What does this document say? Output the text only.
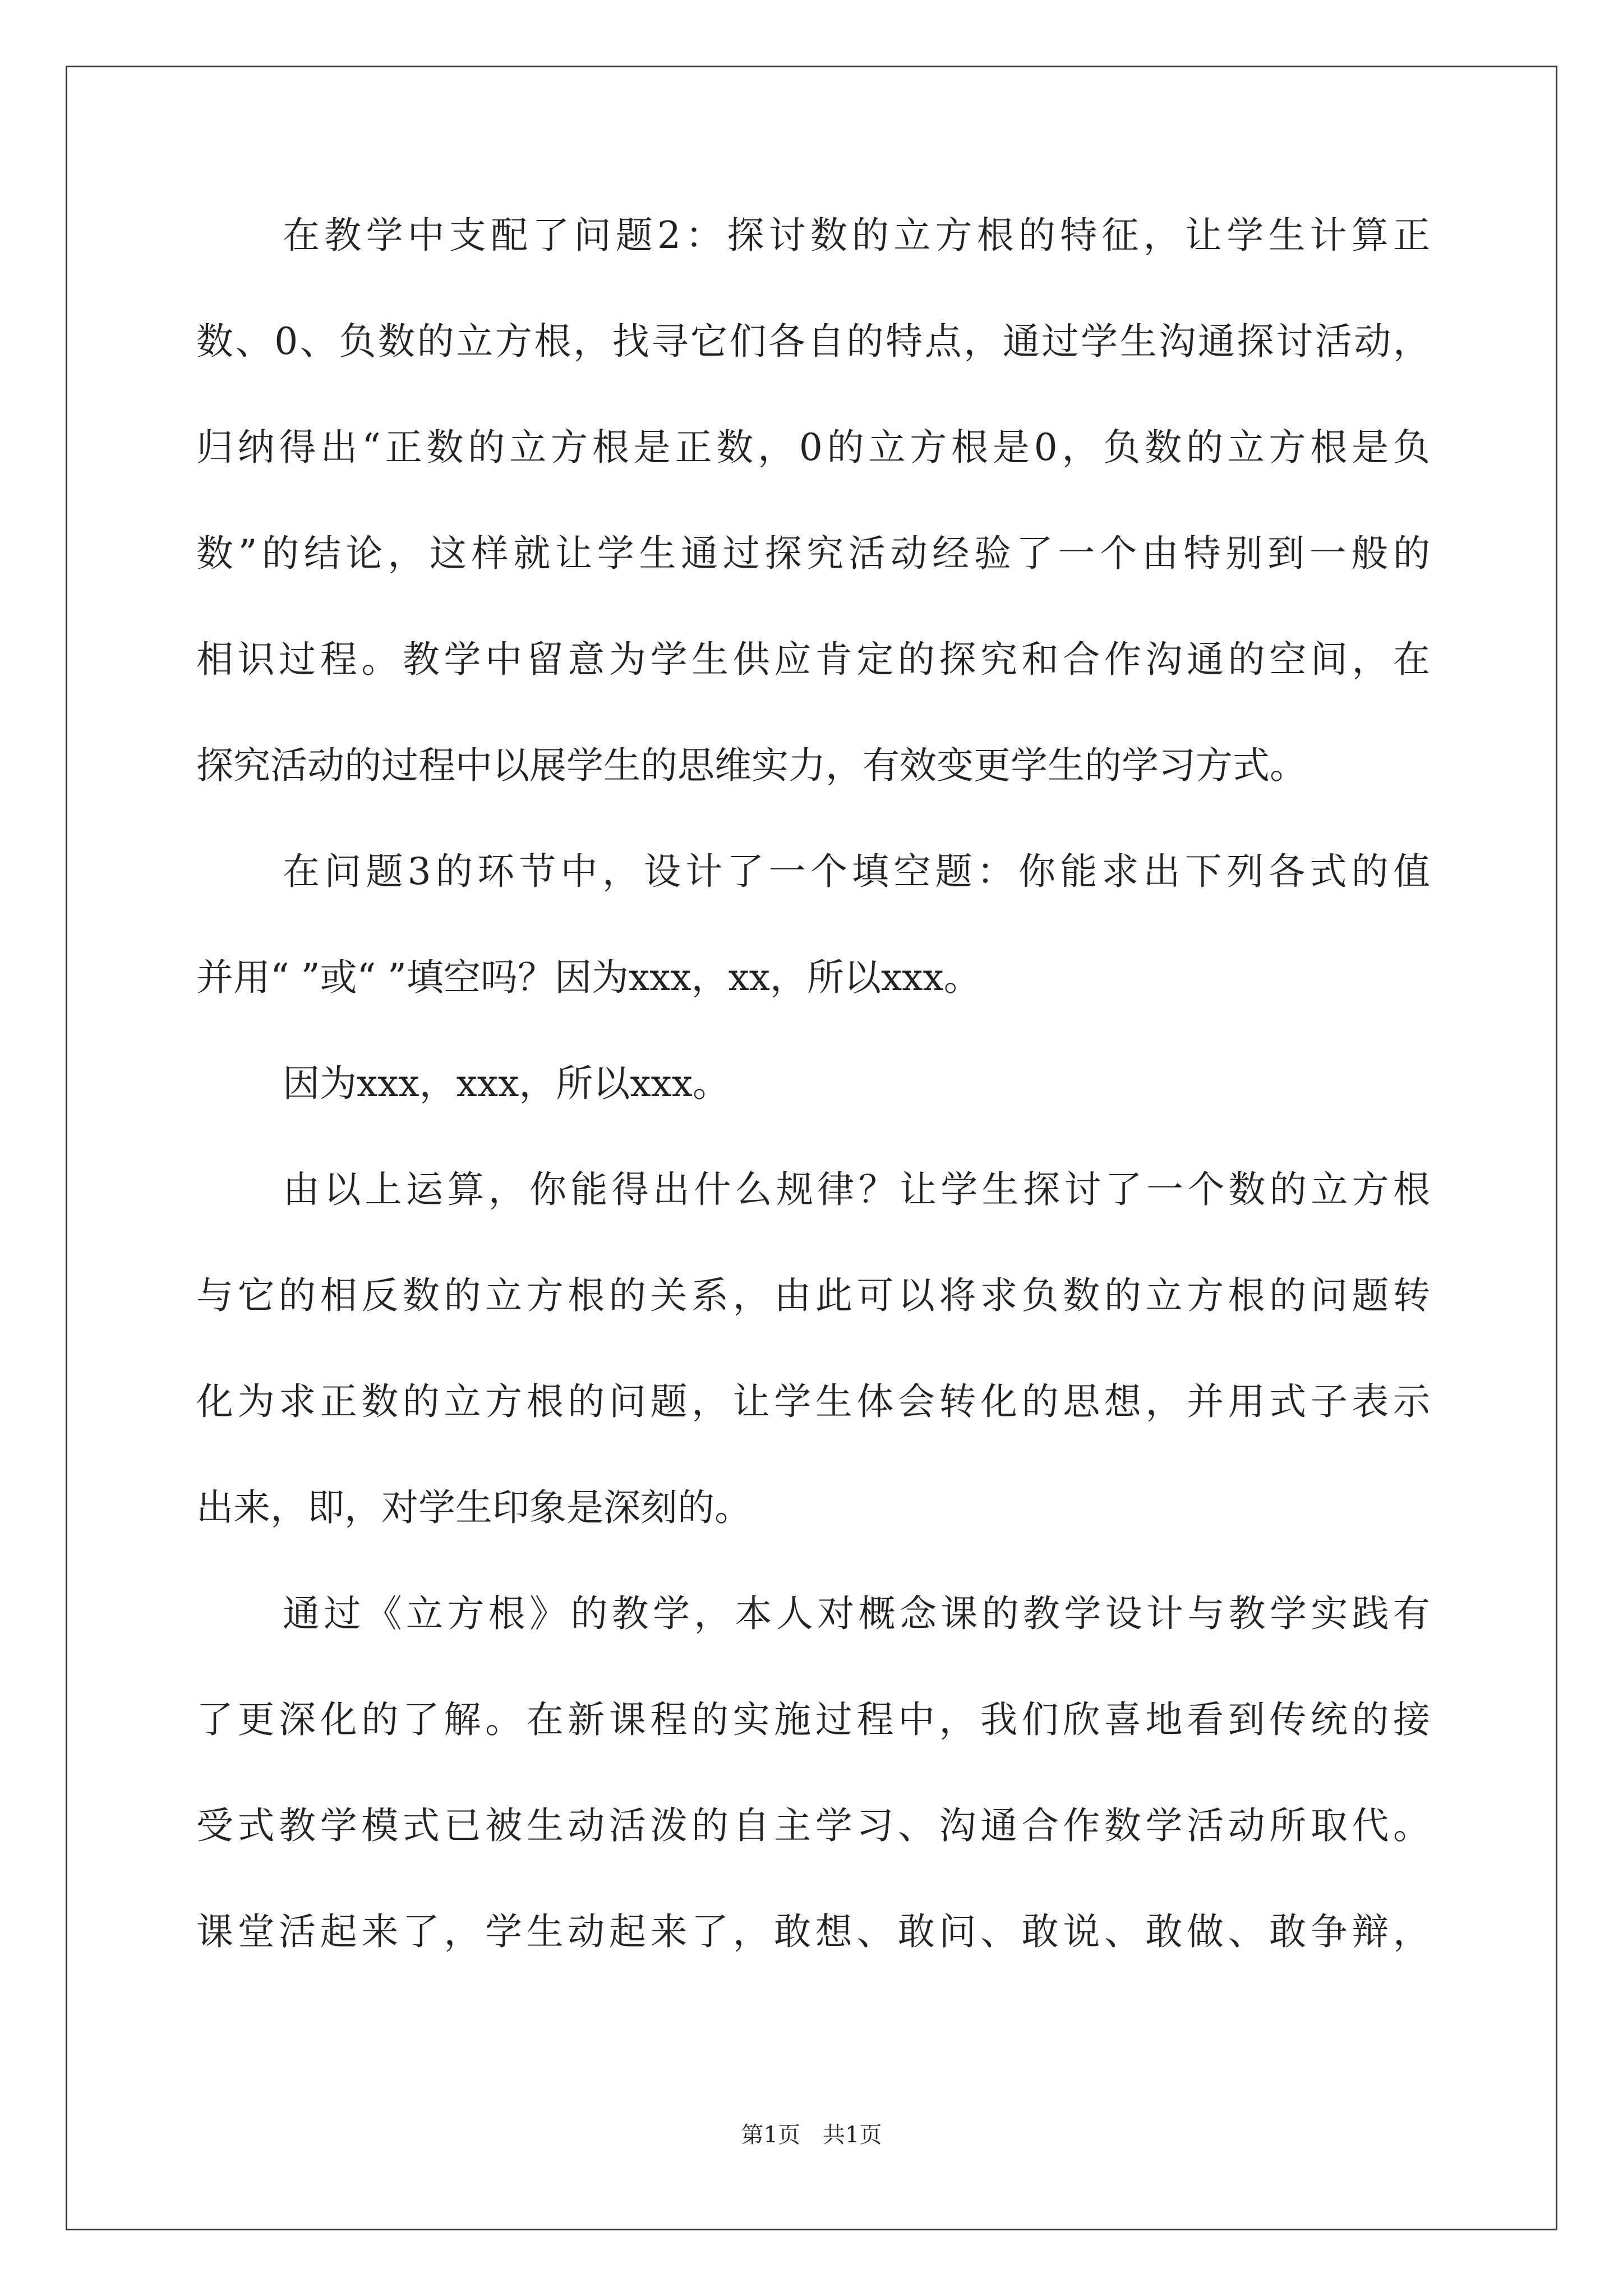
在教学中支配了问题2：探讨数的立方根的特征，让学生计算正
数、0、负数的立方根，找寻它们各自的特点，通过学生沟通探讨活动，
归纳得出“正数的立方根是正数，0的立方根是0，负数的立方根是负
数”的结论，这样就让学生通过探究活动经验了一个由特别到一般的
相识过程。教学中留意为学生供应肯定的探究和合作沟通的空间，在
探究活动的过程中以展学生的思维实力，有效变更学生的学习方式。
在问题3的环节中，设计了一个填空题：你能求出下列各式的值
并用“ ”或“ ”填空吗？因为xxx，xx，所以xxx。
因为xxx，xxx，所以xxx。
由以上运算，你能得出什么规律？让学生探讨了一个数的立方根
与它的相反数的立方根的关系，由此可以将求负数的立方根的问题转
化为求正数的立方根的问题，让学生体会转化的思想，并用式子表示
出来，即，对学生印象是深刻的。
通过《立方根》的教学，本人对概念课的教学设计与教学实践有
了更深化的了解。在新课程的实施过程中，我们欣喜地看到传统的接
受式教学模式已被生动活泼的自主学习、沟通合作数学活动所取代。
课堂活起来了，学生动起来了，敢想、敢问、敢说、敢做、敢争辩，
第1页　共1页
